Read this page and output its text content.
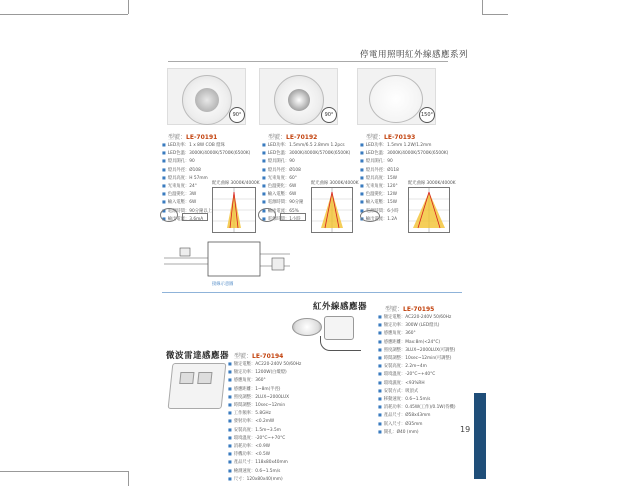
停電用照明紅外線感應系列
90°
型號：LE-70191
■ LED功率：1 x 8W COB 燈珠
■ LED色溫：3000K/4000K/5700K(6500K)
■ 燈具開孔：90
■ 燈具外徑：Ø108
■ 燈具高度：H 57mm
■ 光束角度：24°
■ 色溫變化：3W
■ 輸入電壓：6W
■ 電源時間：90分鐘以上
■ 輸出電流：3.6mA
配光曲線 3000K/4000K
90°
型號：LE-70192
■ LED功率：1.5mm/6.5 2.8mm 1.2pcs
■ LED色溫：3000K/4000K/5700K(6500K)
■ 燈具開孔：90
■ 燈具外徑：Ø108
■ 光束角度：60°
■ 色溫變化：6W
■ 輸入電壓：6W
■ 電源時間：90分鐘
■ 輸出電流：65%
■ 電源時間：1小時
配光曲線 3000K/4000K
150°
型號：LE-70193
■ LED功率：1.5mm 1.2W/1.2mm
■ LED色溫：3000K/4000K/5700K(6500K)
■ 燈具開孔：90
■ 燈具外徑：Ø118
■ 燈具高度：15W
■ 光束角度：120°
■ 色溫變化：12W
■ 輸入電壓：15W
■ 電源時間：6小時
■ 輸出電流：1.2A
配光曲線 3000K/4000K
接線示意圖
紅外線感應器	型號：LE-70195
■ 額定電壓：AC220-240V 50/60Hz
■ 額定功率：300W (LED燈具)
■ 感應角度：360°
■ 感應距離：Max:8m(<24°C)
■ 照度調整：3LUX~2000LUX(可調整)
■ 時間調整：10sec~12min(可調整)
■ 安裝高度：2.2m~4m
■ 環境溫度：-20°C~+40°C
■ 環境濕度：<93%RH
■ 安裝方式：吸頂式
■ 移動速度：0.6~1.5m/s
■ 消耗功率：0.45W(工作)/0.1W(待機)
■ 產品尺寸：Ø58x43mm
■ 嵌入尺寸：Ø35mm
■ 開孔：Ø40 (mm)
微波雷達感應器 型號：LE-70194
■ 額定電壓：AC220-240V 50/60Hz
■ 額定功率：1200W(白熾燈)
■ 感應角度：360°
■ 感應距離：1~8m(半徑)
■ 照度調整：2LUX~2000LUX
■ 時間調整：10sec~12min
■ 工作頻率：5.8GHz
■ 發射功率：<0.2mW
■ 安裝高度：1.5m~3.5m
■ 環境溫度：-20°C~+70°C
■ 消耗功率：<0.9W
■ 待機功率：<0.5W
■ 產品尺寸：118x80x40mm
■ 檢測速度：0.6~1.5m/s
■ 尺寸：120x80x40(mm)
19
